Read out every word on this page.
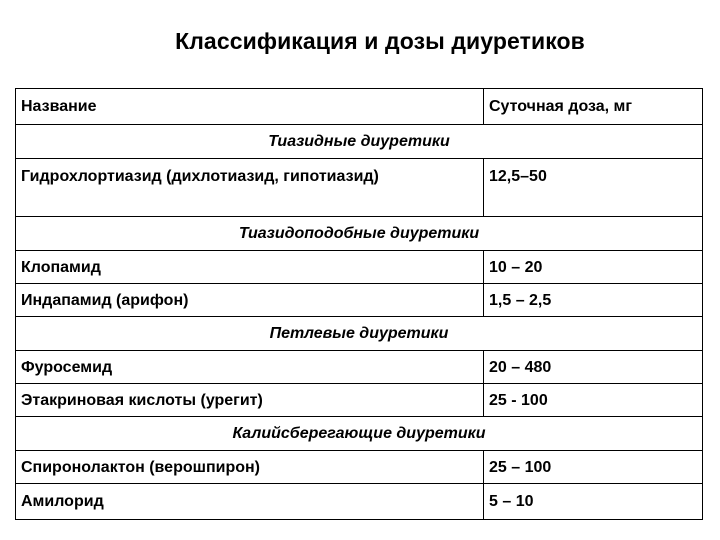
Классификация и дозы диуретиков
Название	Суточная доза, мг
Тиазидные диуретики	
Гидрохлортиазид (дихлотиазид, гипотиазид)	12,5–50
Тиазидоподобные диуретики	
Клопамид	10 – 20
Индапамид (арифон)	1,5 – 2,5
Петлевые диуретики	
Фуросемид	20 – 480
Этакриновая кислоты (урегит)	25 - 100
Калийсберегающие диуретики	
Спиронолактон (верошпирон)	25 – 100
Амилорид	5 – 10
